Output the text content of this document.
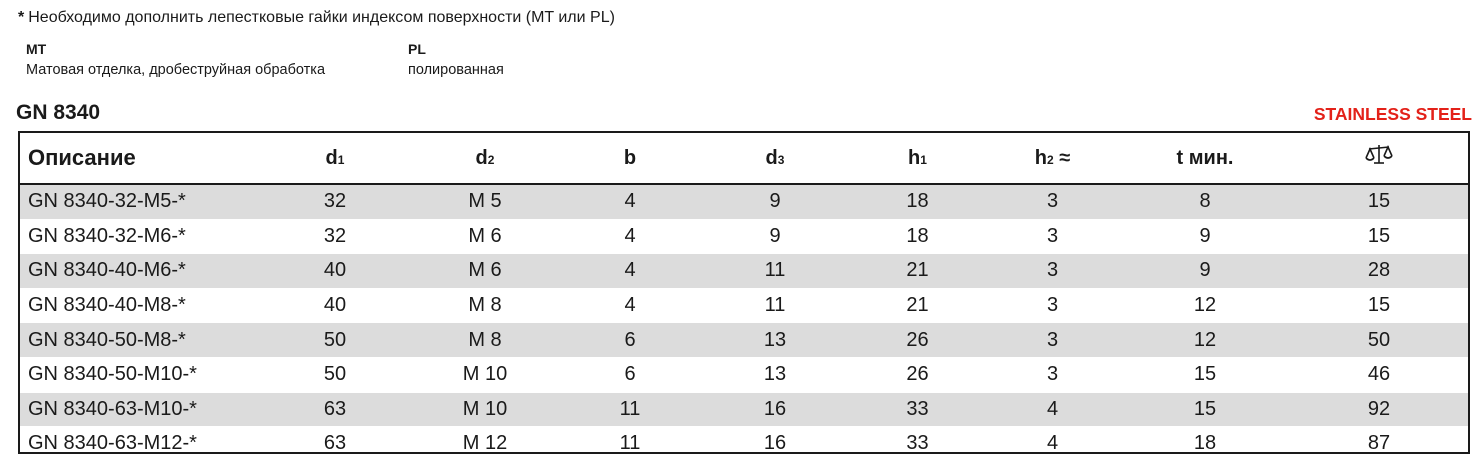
* Необходимо дополнить лепестковые гайки индексом поверхности (MT или PL)
MT
Матовая отделка, дробеструйная обработка
PL
полированная
GN 8340	STAINLESS STEEL
Описание	d1	d2	b	d3	h1	h2 ≈	t мин.	
GN 8340-32-M5-*	32	M 5	4	9	18	3	8	15
GN 8340-32-M6-*	32	M 6	4	9	18	3	9	15
GN 8340-40-M6-*	40	M 6	4	11	21	3	9	28
GN 8340-40-M8-*	40	M 8	4	11	21	3	12	15
GN 8340-50-M8-*	50	M 8	6	13	26	3	12	50
GN 8340-50-M10-*	50	M 10	6	13	26	3	15	46
GN 8340-63-M10-*	63	M 10	11	16	33	4	15	92
GN 8340-63-M12-*	63	M 12	11	16	33	4	18	87
